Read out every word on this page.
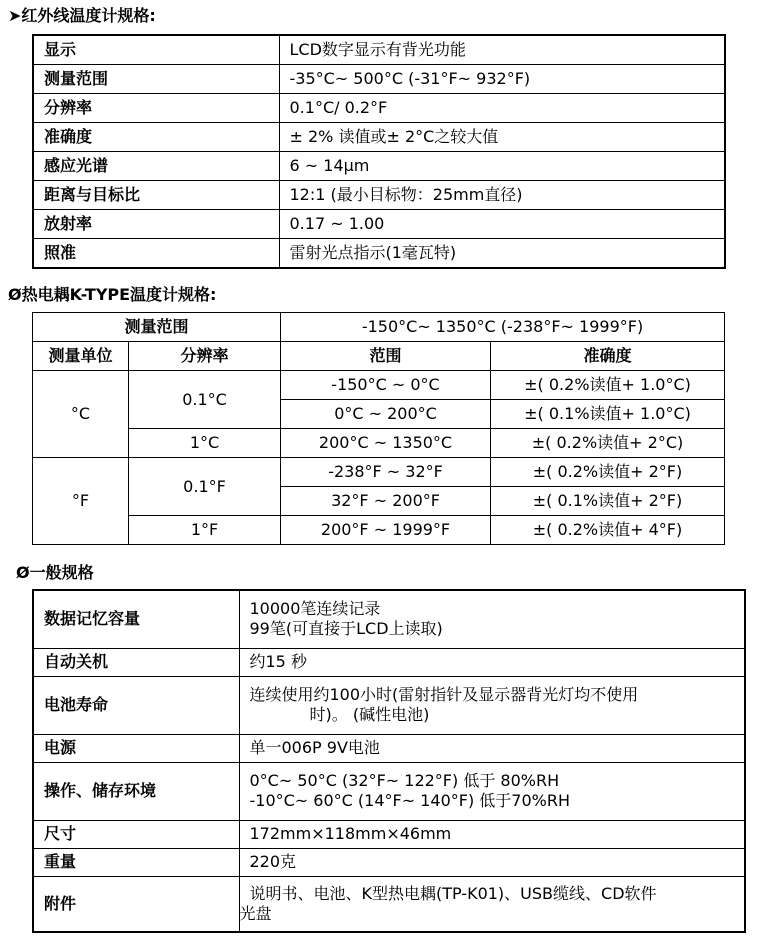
➤红外线温度计规格:
显示	LCD数字显示有背光功能
测量范围	-35°C~ 500°C (-31°F~ 932°F)
分辨率	0.1°C/ 0.2°F
准确度	± 2% 读值或± 2°C之较大值
感应光谱	6 ~ 14μm
距离与目标比	12:1 (最小目标物：25mm直径)
放射率	0.17 ~ 1.00
照准	雷射光点指示(1毫瓦特)
Ø热电耦K-TYPE温度计规格:
测量范围		-150°C~ 1350°C (-238°F~ 1999°F)	
测量单位	分辨率	范围	准确度
°C	0.1°C	-150°C ~ 0°C	±( 0.2%读值+ 1.0°C)
		0°C ~ 200°C	±( 0.1%读值+ 1.0°C)
	1°C	200°C ~ 1350°C	±( 0.2%读值+ 2°C)
°F	0.1°F	-238°F ~ 32°F	±( 0.2%读值+ 2°F)
		32°F ~ 200°F	±( 0.1%读值+ 2°F)
	1°F	200°F ~ 1999°F	±( 0.2%读值+ 4°F)
Ø一般规格
数据记忆容量	10000笔连续记录
99笔(可直接于LCD上读取)

自动关机	约15 秒
电池寿命	连续使用约100小时(雷射指针及显示器背光灯均不使用
时)。 (碱性电池)

电源	单一006P 9V电池
操作、储存环境	0°C~ 50°C (32°F~ 122°F) 低于 80%RH
-10°C~ 60°C (14°F~ 140°F) 低于70%RH

尺寸	172mm×118mm×46mm
重量	220克
附件	说明书、电池、K型热电耦(TP-K01)、USB缆线、CD软件
光盘
